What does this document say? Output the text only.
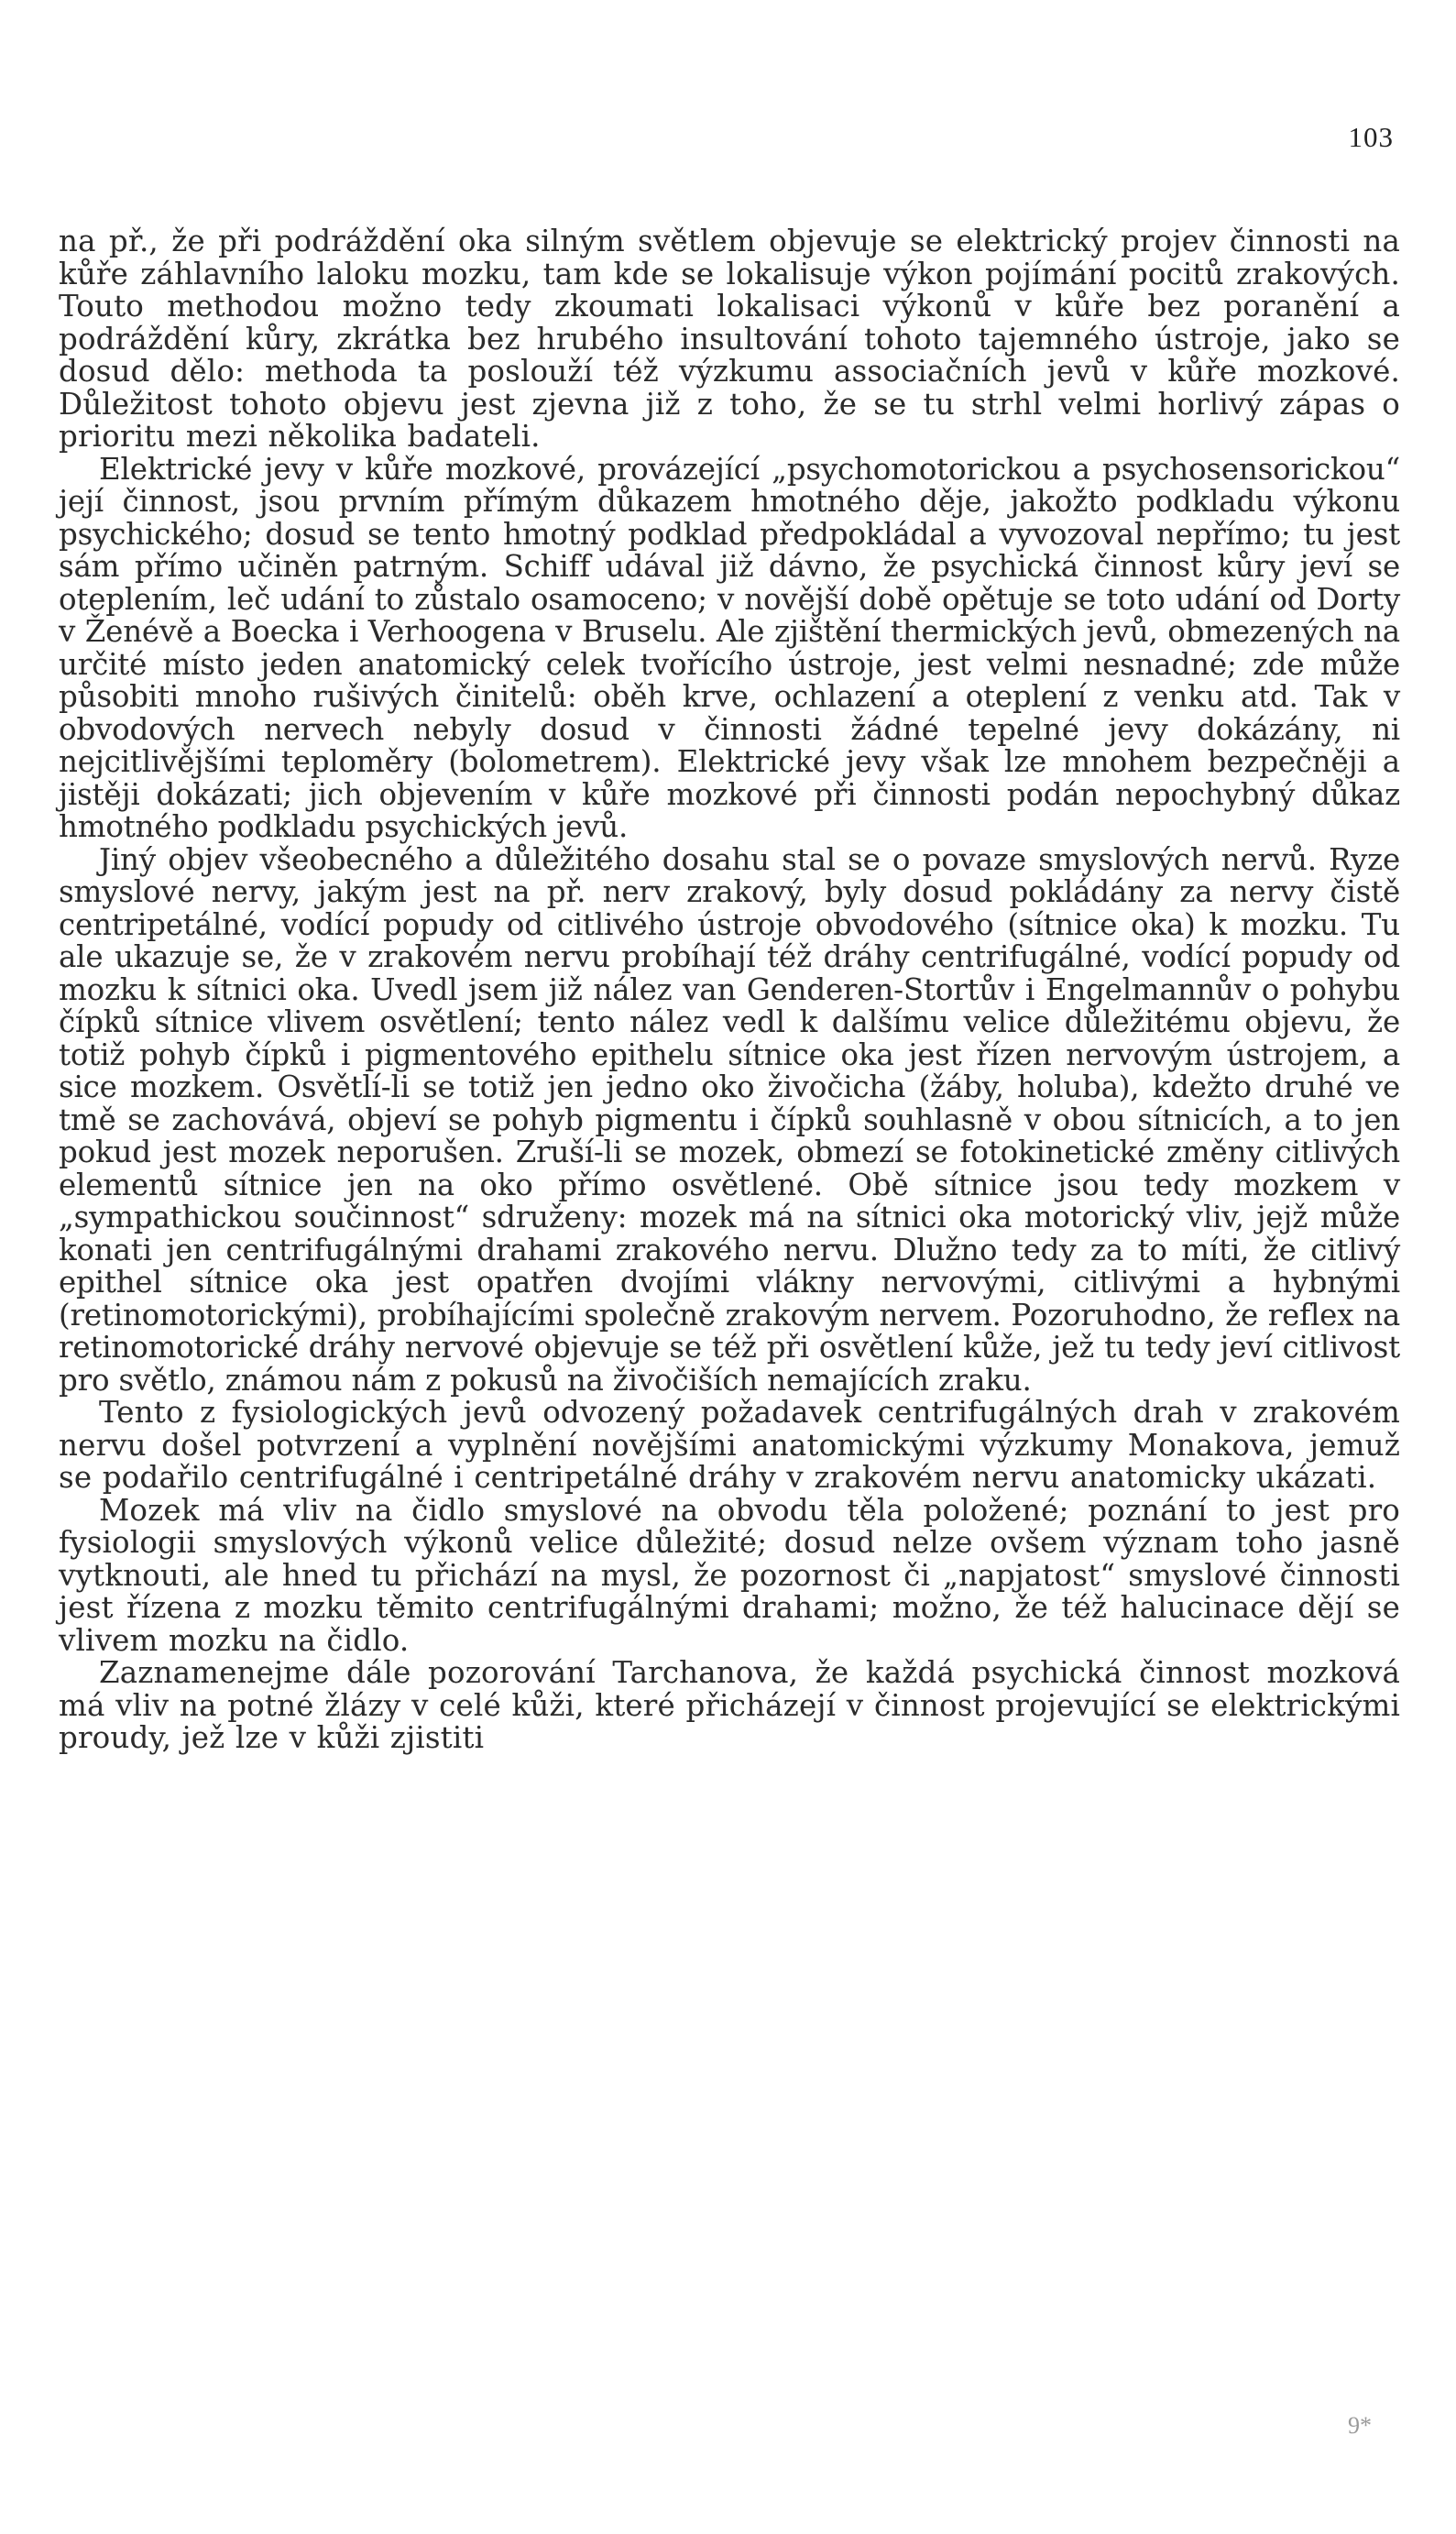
103

na př., že při podráždění oka silným světlem objevuje se elektrický projev činnosti na kůře záhlavního laloku mozku, tam kde se lokalisuje výkon pojímání pocitů zrakových. Touto methodou možno tedy zkoumati lokalisaci výkonů v kůře bez poranění a podráždění kůry, zkrátka bez hrubého insultování tohoto tajemného ústroje, jako se dosud dělo: methoda ta poslouží též výzkumu associačních jevů v kůře mozkové. Důležitost tohoto objevu jest zjevna již z toho, že se tu strhl velmi horlivý zápas o prioritu mezi několika badateli.

Elektrické jevy v kůře mozkové, provázející „psychomotorickou a psychosensorickou“ její činnost, jsou prvním přímým důkazem hmotného děje, jakožto podkladu výkonu psychického; dosud se tento hmotný podklad předpokládal a vyvozoval nepřímo; tu jest sám přímo učiněn patrným. Schiff udával již dávno, že psychická činnost kůry jeví se oteplením, leč udání to zůstalo osamoceno; v novější době opětuje se toto udání od Dorty v Ženévě a Boecka i Verhoogena v Bruselu. Ale zjištění thermických jevů, obmezených na určité místo jeden anatomický celek tvořícího ústroje, jest velmi nesnadné; zde může působiti mnoho rušivých činitelů: oběh krve, ochlazení a oteplení z venku atd. Tak v obvodových nervech nebyly dosud v činnosti žádné tepelné jevy dokázány, ni nejcitlivějšími teploměry (bolometrem). Elektrické jevy však lze mnohem bezpečněji a jistěji dokázati; jich objevením v kůře mozkové při činnosti podán nepochybný důkaz hmotného podkladu psychických jevů.

Jiný objev všeobecného a důležitého dosahu stal se o povaze smyslových nervů. Ryze smyslové nervy, jakým jest na př. nerv zrakový, byly dosud pokládány za nervy čistě centripetálné, vodící popudy od citlivého ústroje obvodového (sítnice oka) k mozku. Tu ale ukazuje se, že v zrakovém nervu probíhají též dráhy centrifugálné, vodící popudy od mozku k sítnici oka. Uvedl jsem již nález van Genderen-Stortův i Engelmannův o pohybu čípků sítnice vlivem osvětlení; tento nález vedl k dalšímu velice důležitému objevu, že totiž pohyb čípků i pigmentového epithelu sítnice oka jest řízen nervovým ústrojem, a sice mozkem. Osvětlí-li se totiž jen jedno oko živočicha (žáby, holuba), kdežto druhé ve tmě se zachovává, objeví se pohyb pigmentu i čípků souhlasně v obou sítnicích, a to jen pokud jest mozek neporušen. Zruší-li se mozek, obmezí se fotokinetické změny citlivých elementů sítnice jen na oko přímo osvětlené. Obě sítnice jsou tedy mozkem v „sympathickou součinnost“ sdruženy: mozek má na sítnici oka motorický vliv, jejž může konati jen centrifugálnými drahami zrakového nervu. Dlužno tedy za to míti, že citlivý epithel sítnice oka jest opatřen dvojími vlákny nervovými, citlivými a hybnými (retinomotorickými), probíhajícími společně zrakovým nervem. Pozoruhodno, že reflex na retinomotorické dráhy nervové objevuje se též při osvětlení kůže, jež tu tedy jeví citlivost pro světlo, známou nám z pokusů na živočiších nemajících zraku.

Tento z fysiologických jevů odvozený požadavek centrifugálných drah v zrakovém nervu došel potvrzení a vyplnění novějšími anatomickými výzkumy Monakova, jemuž se podařilo centrifugálné i centripetálné dráhy v zrakovém nervu anatomicky ukázati.

Mozek má vliv na čidlo smyslové na obvodu těla položené; poznání to jest pro fysiologii smyslových výkonů velice důležité; dosud nelze ovšem význam toho jasně vytknouti, ale hned tu přichází na mysl, že pozornost či „napjatost“ smyslové činnosti jest řízena z mozku těmito centrifugálnými drahami; možno, že též halucinace dějí se vlivem mozku na čidlo.

Zaznamenejme dále pozorování Tarchanova, že každá psychická činnost mozková má vliv na potné žlázy v celé kůži, které přicházejí v činnost projevující se elektrickými proudy, jež lze v kůži zjistiti

9*
